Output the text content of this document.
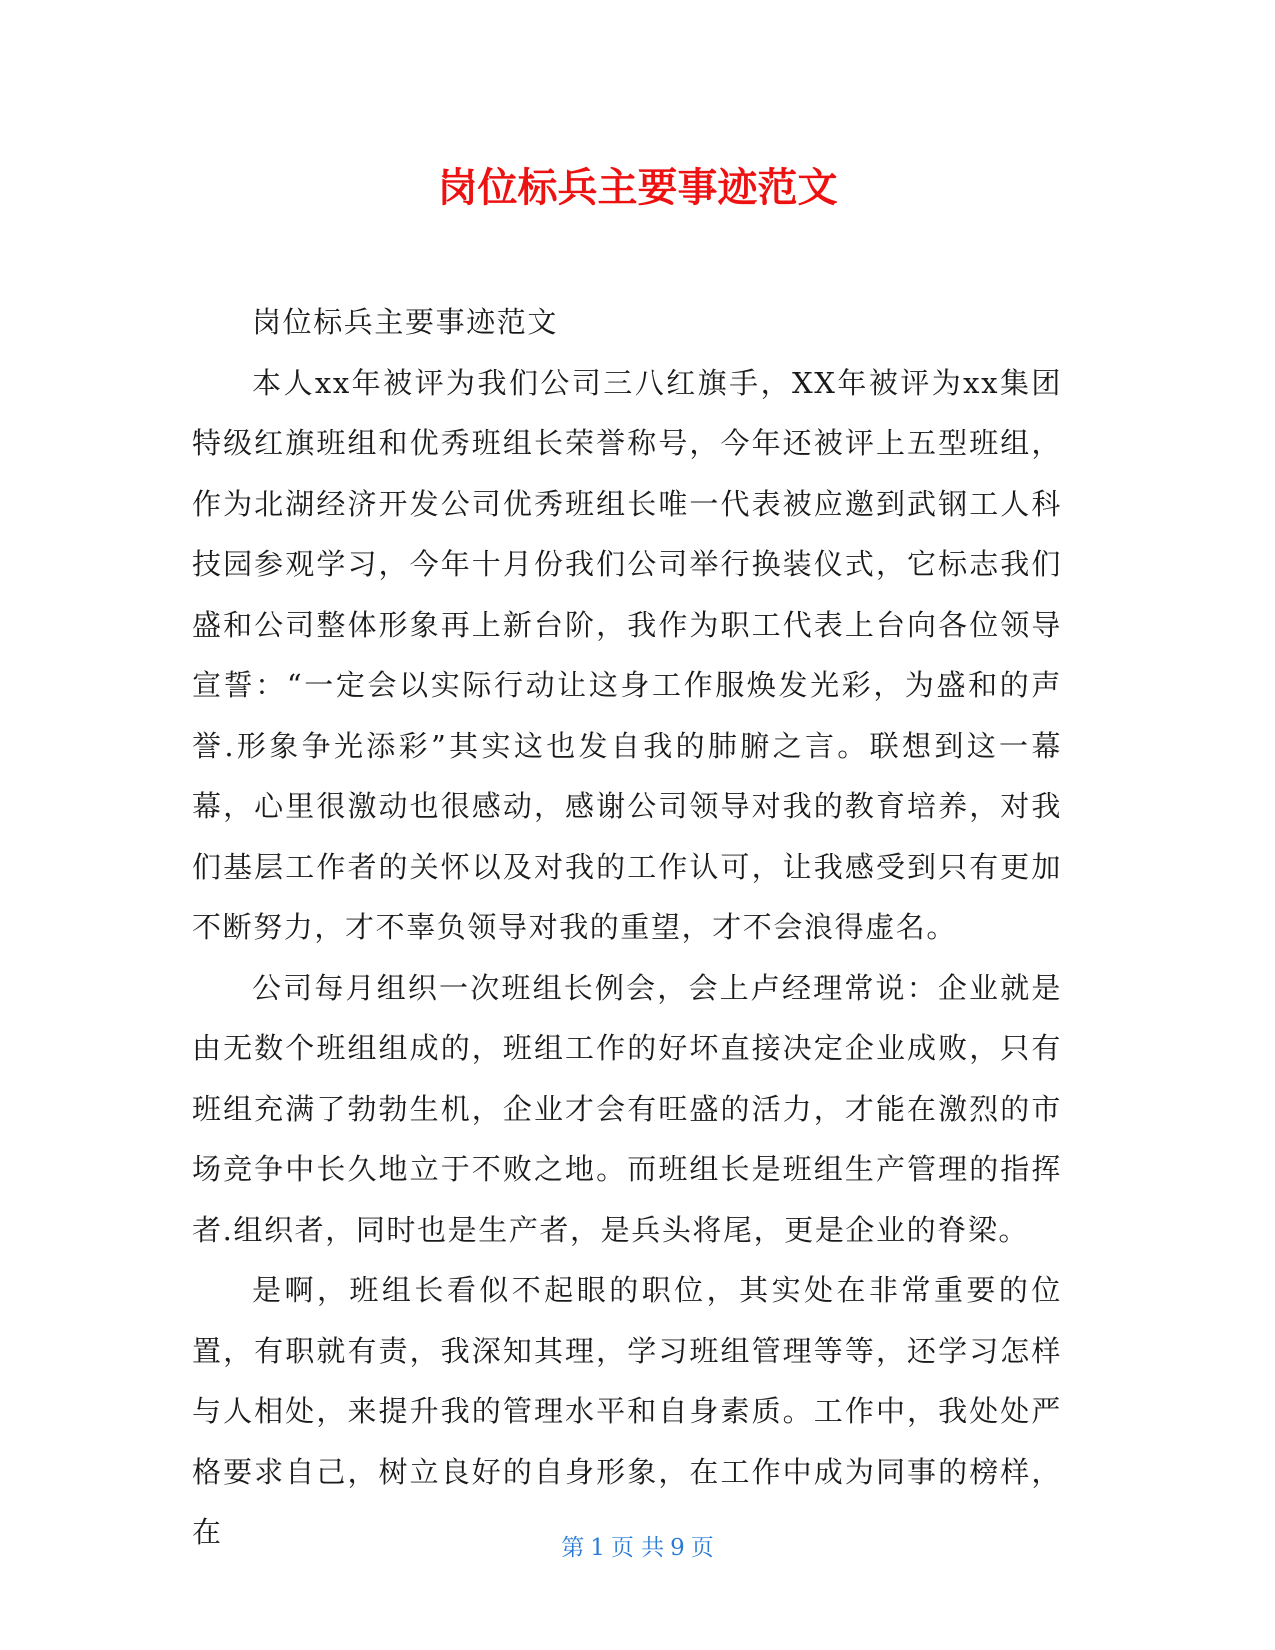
岗位标兵主要事迹范文

岗位标兵主要事迹范文

本人xx年被评为我们公司三八红旗手，XX年被评为xx集团特级红旗班组和优秀班组长荣誉称号，今年还被评上五型班组，作为北湖经济开发公司优秀班组长唯一代表被应邀到武钢工人科技园参观学习，今年十月份我们公司举行换装仪式，它标志我们盛和公司整体形象再上新台阶，我作为职工代表上台向各位领导宣誓：“一定会以实际行动让这身工作服焕发光彩，为盛和的声誉.形象争光添彩”其实这也发自我的肺腑之言。联想到这一幕幕，心里很激动也很感动，感谢公司领导对我的教育培养，对我们基层工作者的关怀以及对我的工作认可，让我感受到只有更加不断努力，才不辜负领导对我的重望，才不会浪得虚名。

公司每月组织一次班组长例会，会上卢经理常说：企业就是由无数个班组组成的，班组工作的好坏直接决定企业成败，只有班组充满了勃勃生机，企业才会有旺盛的活力，才能在激烈的市场竞争中长久地立于不败之地。而班组长是班组生产管理的指挥者.组织者，同时也是生产者，是兵头将尾，更是企业的脊梁。

是啊，班组长看似不起眼的职位，其实处在非常重要的位置，有职就有责，我深知其理，学习班组管理等等，还学习怎样与人相处，来提升我的管理水平和自身素质。工作中，我处处严格要求自己，树立良好的自身形象，在工作中成为同事的榜样，在	第 1 页 共 9 页
